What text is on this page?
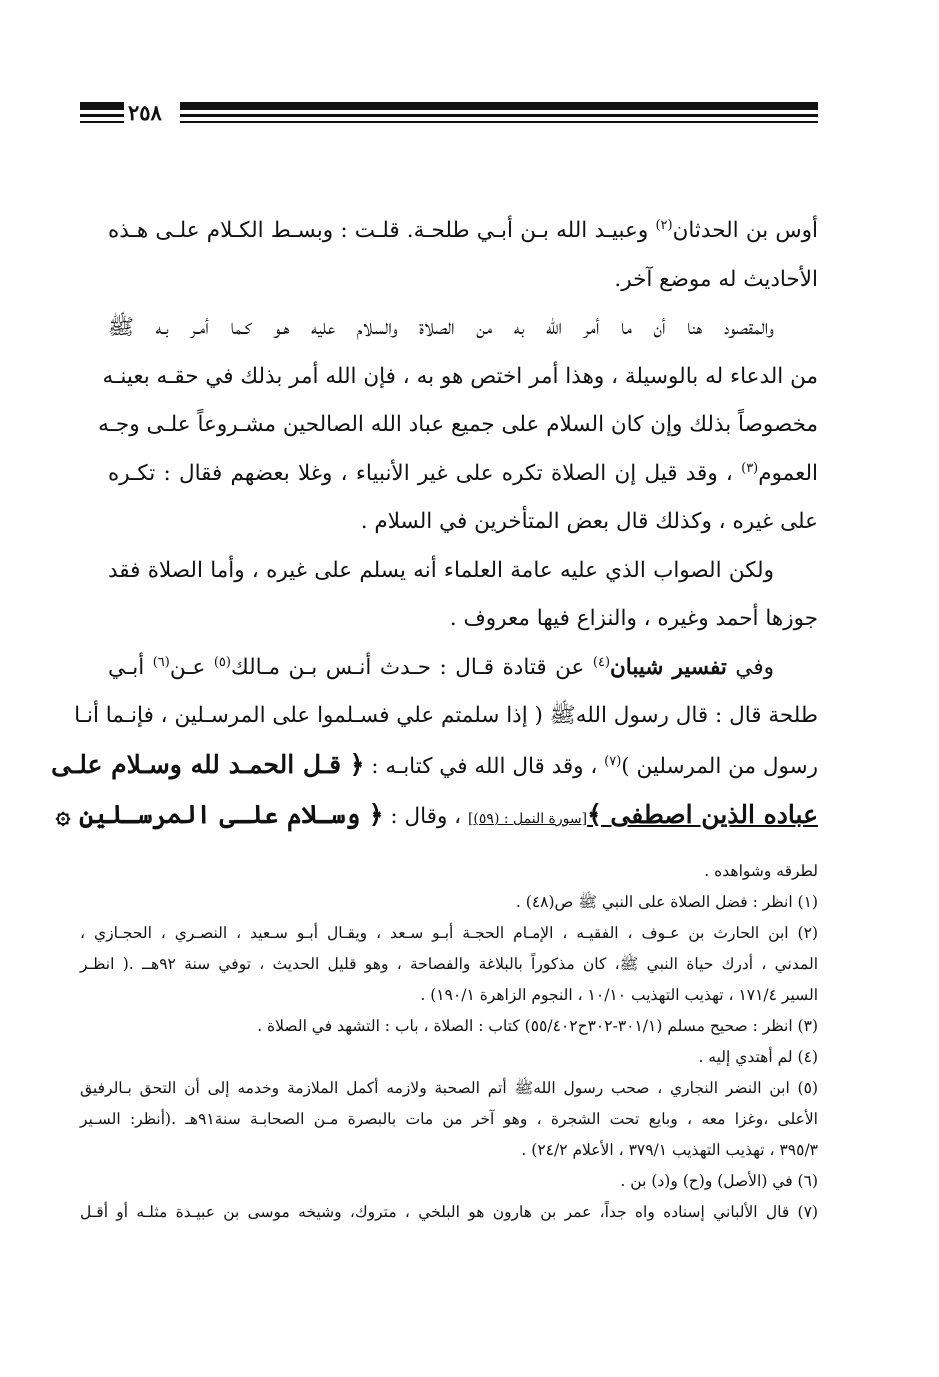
٢٥٨

أوس بن الحدثان$^{(٢)}$ وعبيـد الله بـن أبـي طلحـة. قلـت : وبسـط الكـلام علـى هـذه
الأحاديث له موضع آخر.

والمقصود هنا أن ما أمر الله به من الصلاة والسلام عليه هـو كـما أمـر بـه ﷺ
من الدعاء له بالوسيلة ، وهذا أمر اختص هو به ، فإن الله أمر بذلك في حقـه بعينـه
مخصوصاً بذلك وإن كان السلام على جميع عباد الله الصالحين مشـروعاً علـى وجـه
العموم$^{(٣)}$ ، وقد قيل إن الصلاة تكره على غير الأنبياء ، وغلا بعضهم فقال : تكـره
على غيره ، وكذلك قال بعض المتأخرين في السلام .

ولكن الصواب الذي عليه عامة العلماء أنه يسلم على غيره ، وأما الصلاة فقد
جوزها أحمد وغيره ، والنزاع فيها معروف .

وفي تفسير شيبان$^{(٤)}$ عن قتادة قـال : حـدث أنـس بـن مـالك$^{(٥)}$ عـن$^{(٦)}$ أبـي
طلحة قال : قال رسول اللهﷺ ( إذا سلمتم علي فسـلموا على المرسـلين ، فإنـما أنـا
رسول من المرسلين )$^{(٧)}$ ، وقد قال الله في كتابـه : ﴿ قـل الحمـد لله وسـلام علـى
عباده الذين اصطفى ﴾[سورة النمل : (٥٩)] ، وقال : ﴿ وسـلام علـى المرسـلين ۞

لطرقه وشواهده .
(١) انظر : فضل الصلاة على النبي ﷺ ص(٤٨) .
(٢) ابن الحارث بن عـوف ، الفقيـه ، الإمـام الحجـة أبـو سـعد ، ويقـال أبـو سـعيد ، النصـري ، الحجـازي ،
المدني ، أدرك حياة النبي ﷺ، كان مذكوراً بالبلاغة والفصاحة ، وهو قليل الحديث ، توفي سنة ٩٢هــ .( انظـر
السير ١٧١/٤ ، تهذيب التهذيب ١٠/١٠ ، النجوم الزاهرة ١٩٠/١) .
(٣) انظر : صحيح مسلم (٣٠١/١-٣٠٢ح٥٥/٤٠٢) كتاب : الصلاة ، باب : التشهد في الصلاة .
(٤) لم أهتدي إليه .
(٥) ابن النضر النجاري ، صحب رسول اللهﷺ أتم الصحبة ولازمه أكمل الملازمة وخدمه إلى أن التحق بـالرفيق
الأعلى ،وغزا معه ، وبايع تحت الشجرة ، وهو آخر من مات بالبصرة مـن الصحابـة سنة٩١هـ .(أنظر: السـير
٣٩٥/٣ ، تهذيب التهذيب ٣٧٩/١ ، الأعلام ٢٤/٢) .
(٦) في (الأصل) و(ح) و(د) بن .
(٧) قال الألباني إسناده واه جداً، عمر بن هارون هو البلخي ، متروك، وشيخه موسى بن عبيـدة مثلـه أو أقـل
